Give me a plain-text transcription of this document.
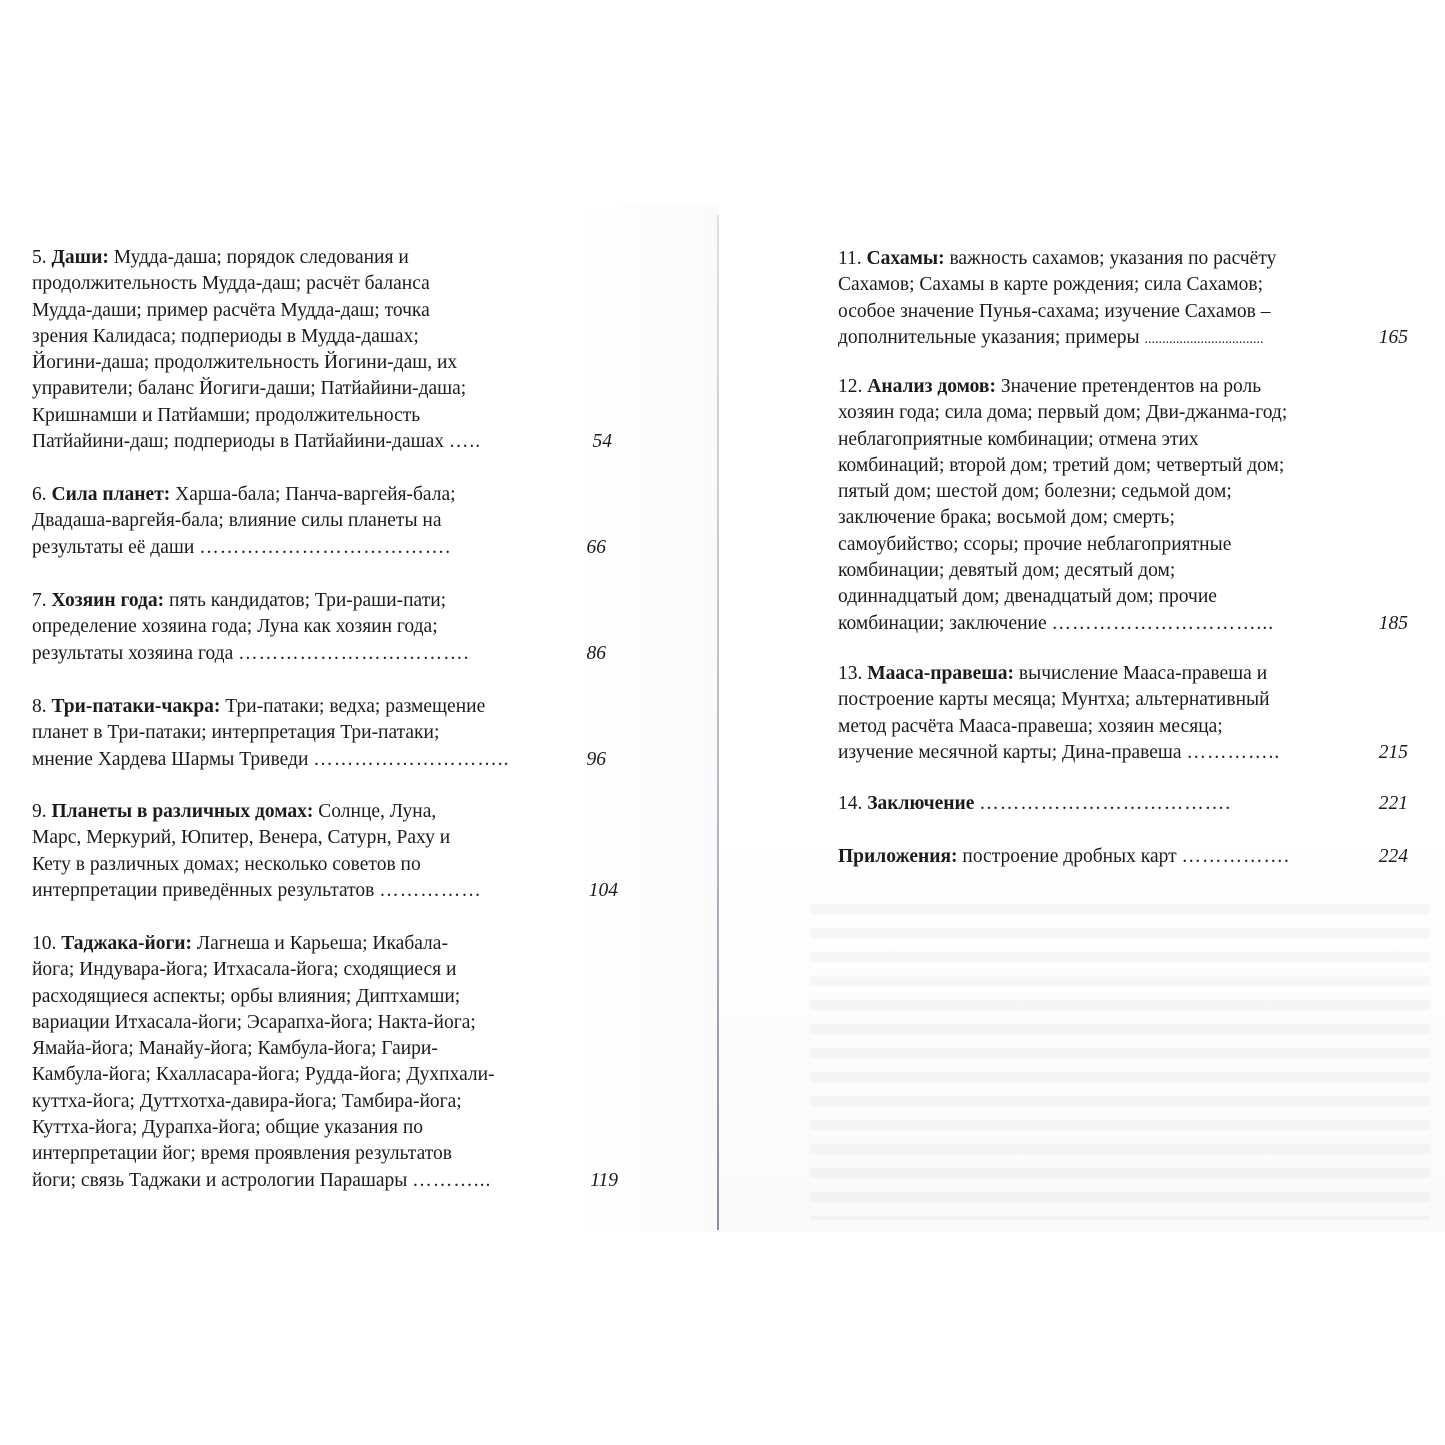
5. Даши: Мудда-даша; порядок следования и
продолжительность Мудда-даш; расчёт баланса
Мудда-даши; пример расчёта Мудда-даш; точка
зрения Калидаса; подпериоды в Мудда-дашах;
Йогини-даша; продолжительность Йогини-даш, их
управители; баланс Йогиги-даши; Патйайини-даша;
Кришнамши и Патйамши; продолжительность
Патйайини-даш; подпериоды в Патйайини-дашах …..	54
6. Сила планет: Харша-бала; Панча-варгейя-бала;
Двадаша-варгейя-бала; влияние силы планеты на
результаты её даши ……………………………….	66
7. Хозяин года: пять кандидатов; Три-раши-пати;
определение хозяина года; Луна как хозяин года;
результаты хозяина года …………………………….	86
8. Три-патаки-чакра: Три-патаки; ведха; размещение
планет в Три-патаки; интерпретация Три-патаки;
мнение Хардева Шармы Триведи ………………………..	96
9. Планеты в различных домах: Солнце, Луна,
Марс, Меркурий, Юпитер, Венера, Сатурн, Раху и
Кету в различных домах; несколько советов по
интерпретации приведённых результатов ……………	104
10. Таджака-йоги: Лагнеша и Карьеша; Икабала-
йога; Индувара-йога; Итхасала-йога; сходящиеся и
расходящиеся аспекты; орбы влияния; Диптхамши;
вариации Итхасала-йоги; Эсарапха-йога; Накта-йога;
Ямайа-йога; Манайу-йога; Камбула-йога; Гаири-
Камбула-йога; Кхалласара-йога; Рудда-йога; Духпхали-
куттха-йога; Дуттхотха-давира-йога; Тамбира-йога;
Куттха-йога; Дурапха-йога; общие указания по
интерпретации йог; время проявления результатов
йоги; связь Таджаки и астрологии Парашары ………...	119
11. Сахамы: важность сахамов; указания по расчёту
Сахамов; Сахамы в карте рождения; сила Сахамов;
особое значение Пунья-сахама; изучение Сахамов –
дополнительные указания; примеры ..................................	165
12. Анализ домов: Значение претендентов на роль
хозяин года; сила дома; первый дом; Дви-джанма-год;
неблагоприятные комбинации; отмена этих
комбинаций; второй дом; третий дом; четвертый дом;
пятый дом; шестой дом; болезни; седьмой дом;
заключение брака; восьмой дом; смерть;
самоубийство; ссоры; прочие неблагоприятные
комбинации; девятый дом; десятый дом;
одиннадцатый дом; двенадцатый дом; прочие
комбинации; заключение …………………………...	185
13. Мааса-правеша: вычисление Мааса-правеша и
построение карты месяца; Мунтха; альтернативный
метод расчёта Мааса-правеша; хозяин месяца;
изучение месячной карты; Дина-правеша …………..	215
14. Заключение ……………………………….	221
Приложения: построение дробных карт …………….	224
